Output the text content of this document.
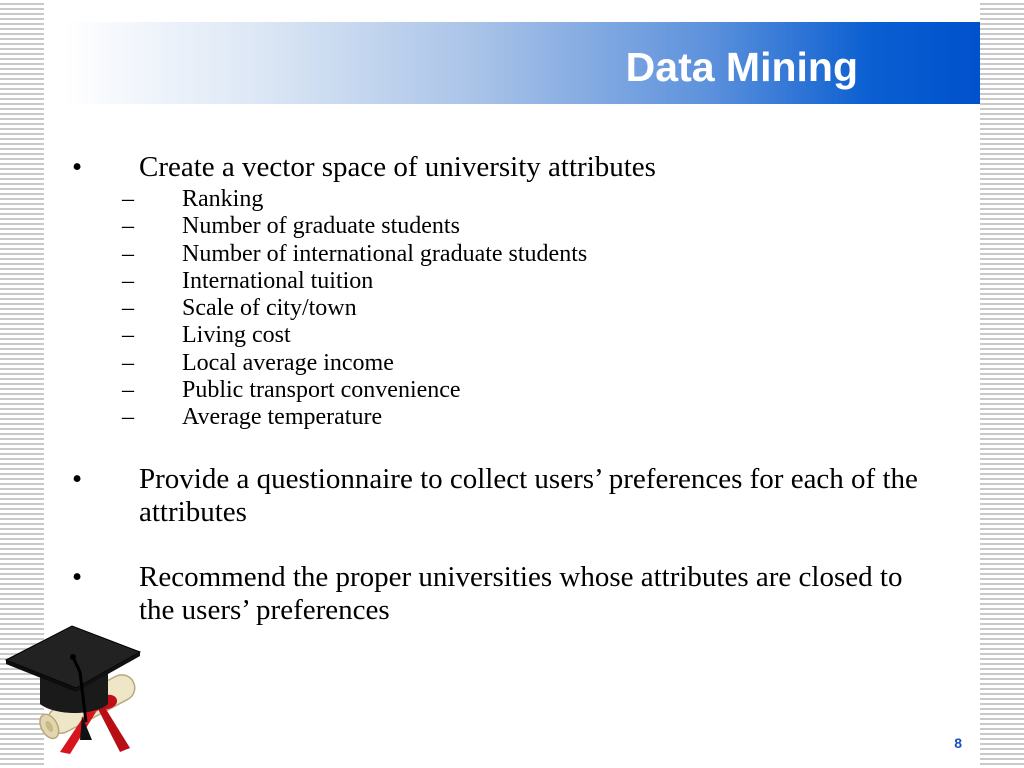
Data Mining
• Create a vector space of university attributes
– Ranking
– Number of graduate students
– Number of international graduate students
– International tuition
– Scale of city/town
– Living cost
– Local average income
– Public transport convenience
– Average temperature
• Provide a questionnaire to collect users’ preferences for each of the attributes
• Recommend the proper universities whose attributes are closed to the users’ preferences
8
